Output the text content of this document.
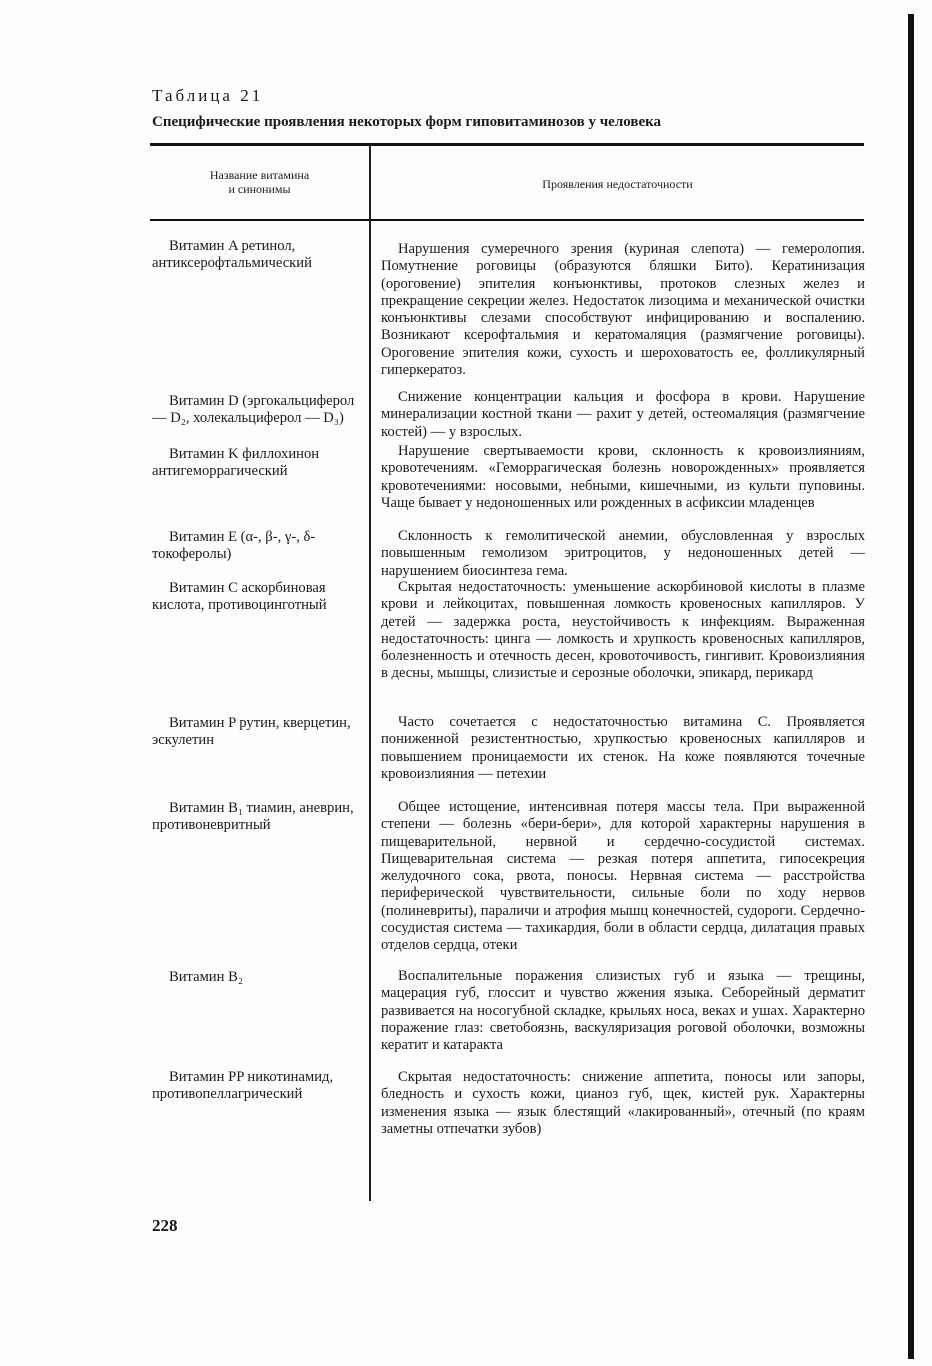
Таблица 21
Специфические проявления некоторых форм гиповитаминозов у человека
Название витамина
и синонимы	Проявления недостаточности
Витамин A ретинол, антиксерофтальмический
Нарушения сумеречного зрения (куриная слепота) — гемеролопия. Помутнение роговицы (образуются бляшки Бито). Кератинизация (ороговение) эпителия конъюнктивы, протоков слезных желез и прекращение секреции желез. Недостаток лизоцима и механической очистки конъюнктивы слезами способствуют инфицированию и воспалению. Возникают ксерофтальмия и кератомаляция (размягчение роговицы). Ороговение эпителия кожи, сухость и шероховатость ее, фолликулярный гиперкератоз.
Витамин D (эргокальциферол — D₂, холекальциферол — D₃)
Снижение концентрации кальция и фосфора в крови. Нарушение минерализации костной ткани — рахит у детей, остеомаляция (размягчение костей) — у взрослых.
Витамин K филлохинон антигеморрагический
Нарушение свертываемости крови, склонность к кровоизлияниям, кровотечениям. «Геморрагическая болезнь новорожденных» проявляется кровотечениями: носовыми, небными, кишечными, из культи пуповины. Чаще бывает у недоношенных или рожденных в асфиксии младенцев
Витамин E (α-, β-, γ-, δ- токоферолы)
Склонность к гемолитической анемии, обусловленная у взрослых повышенным гемолизом эритроцитов, у недоношенных детей — нарушением биосинтеза гема.
Витамин C аскорбиновая кислота, противоцинготный
Скрытая недостаточность: уменьшение аскорбиновой кислоты в плазме крови и лейкоцитах, повышенная ломкость кровеносных капилляров. У детей — задержка роста, неустойчивость к инфекциям. Выраженная недостаточность: цинга — ломкость и хрупкость кровеносных капилляров, болезненность и отечность десен, кровоточивость, гингивит. Кровоизлияния в десны, мышцы, слизистые и серозные оболочки, эпикард, перикард
Витамин P рутин, кверцетин, эскулетин
Часто сочетается с недостаточностью витамина C. Проявляется пониженной резистентностью, хрупкостью кровеносных капилляров и повышением проницаемости их стенок. На коже появляются точечные кровоизлияния — петехии
Витамин B₁ тиамин, аневрин, противоневритный
Общее истощение, интенсивная потеря массы тела. При выраженной степени — болезнь «бери-бери», для которой характерны нарушения в пищеварительной, нервной и сердечно-сосудистой системах. Пищеварительная система — резкая потеря аппетита, гипосекреция желудочного сока, рвота, поносы. Нервная система — расстройства периферической чувствительности, сильные боли по ходу нервов (полиневриты), параличи и атрофия мышц конечностей, судороги. Сердечно-сосудистая система — тахикардия, боли в области сердца, дилатация правых отделов сердца, отеки
Витамин B₂	Воспалительные поражения слизистых губ и языка — трещины, мацерация губ, глоссит и чувство жжения языка. Себорейный дерматит развивается на носогубной складке, крыльях носа, веках и ушах. Характерно поражение глаз: светобоязнь, васкуляризация роговой оболочки, возможны кератит и катаракта
Витамин PP никотинамид, противопеллагрический
Скрытая недостаточность: снижение аппетита, поносы или запоры, бледность и сухость кожи, цианоз губ, щек, кистей рук. Характерны изменения языка — язык блестящий «лакированный», отечный (по краям заметны отпечатки зубов)
228
